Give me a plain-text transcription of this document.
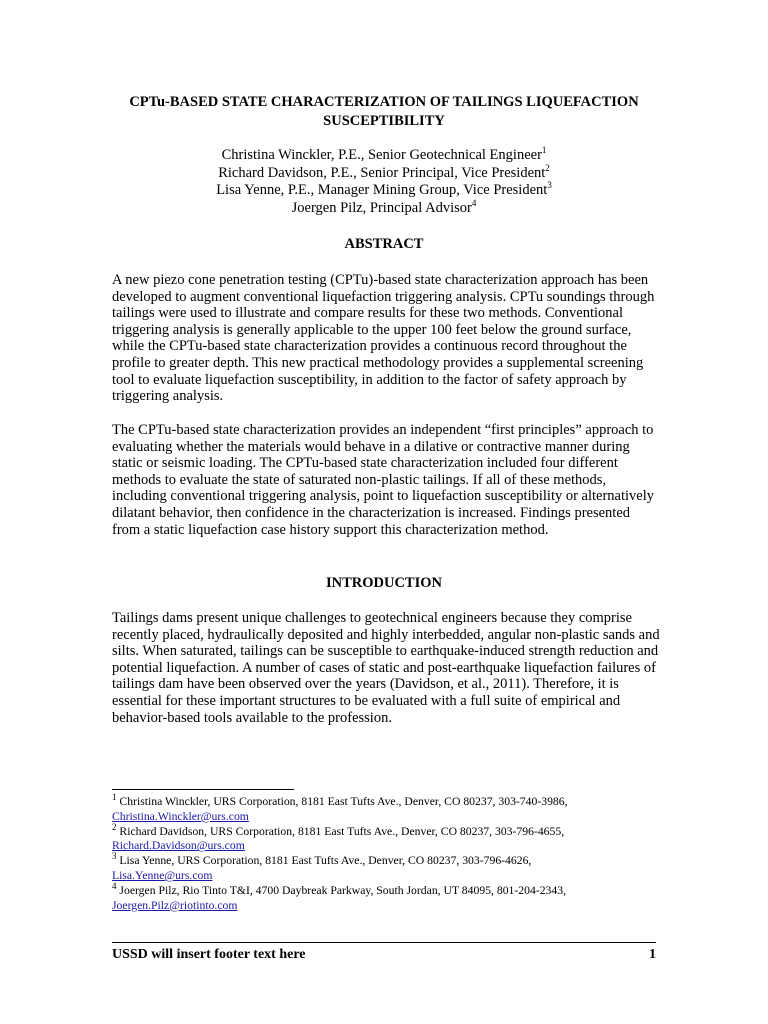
CPTu-BASED STATE CHARACTERIZATION OF TAILINGS LIQUEFACTION SUSCEPTIBILITY
Christina Winckler, P.E., Senior Geotechnical Engineer$^1$
Richard Davidson, P.E., Senior Principal, Vice President$^2$
Lisa Yenne, P.E., Manager Mining Group, Vice President$^3$
Joergen Pilz, Principal Advisor$^4$
ABSTRACT

A new piezo cone penetration testing (CPTu)-based state characterization approach has been developed to augment conventional liquefaction triggering analysis. CPTu soundings through tailings were used to illustrate and compare results for these two methods. Conventional triggering analysis is generally applicable to the upper 100 feet below the ground surface, while the CPTu-based state characterization provides a continuous record throughout the profile to greater depth. This new practical methodology provides a supplemental screening tool to evaluate liquefaction susceptibility, in addition to the factor of safety approach by triggering analysis.

The CPTu-based state characterization provides an independent “first principles” approach to evaluating whether the materials would behave in a dilative or contractive manner during static or seismic loading. The CPTu-based state characterization included four different methods to evaluate the state of saturated non-plastic tailings. If all of these methods, including conventional triggering analysis, point to liquefaction susceptibility or alternatively dilatant behavior, then confidence in the characterization is increased. Findings presented from a static liquefaction case history support this characterization method.

INTRODUCTION

Tailings dams present unique challenges to geotechnical engineers because they comprise recently placed, hydraulically deposited and highly interbedded, angular non-plastic sands and silts. When saturated, tailings can be susceptible to earthquake-induced strength reduction and potential liquefaction. A number of cases of static and post-earthquake liquefaction failures of tailings dam have been observed over the years (Davidson, et al., 2011). Therefore, it is essential for these important structures to be evaluated with a full suite of empirical and behavior-based tools available to the profession.

$^1$ Christina Winckler, URS Corporation, 8181 East Tufts Ave., Denver, CO 80237, 303-740-3986,
Christina.Winckler@urs.com
$^2$ Richard Davidson, URS Corporation, 8181 East Tufts Ave., Denver, CO 80237, 303-796-4655,
Richard.Davidson@urs.com
$^3$ Lisa Yenne, URS Corporation, 8181 East Tufts Ave., Denver, CO 80237, 303-796-4626,
Lisa.Yenne@urs.com
$^4$ Joergen Pilz, Rio Tinto T&I, 4700 Daybreak Parkway, South Jordan, UT 84095, 801-204-2343,
Joergen.Pilz@riotinto.com
USSD will insert footer text here	1
